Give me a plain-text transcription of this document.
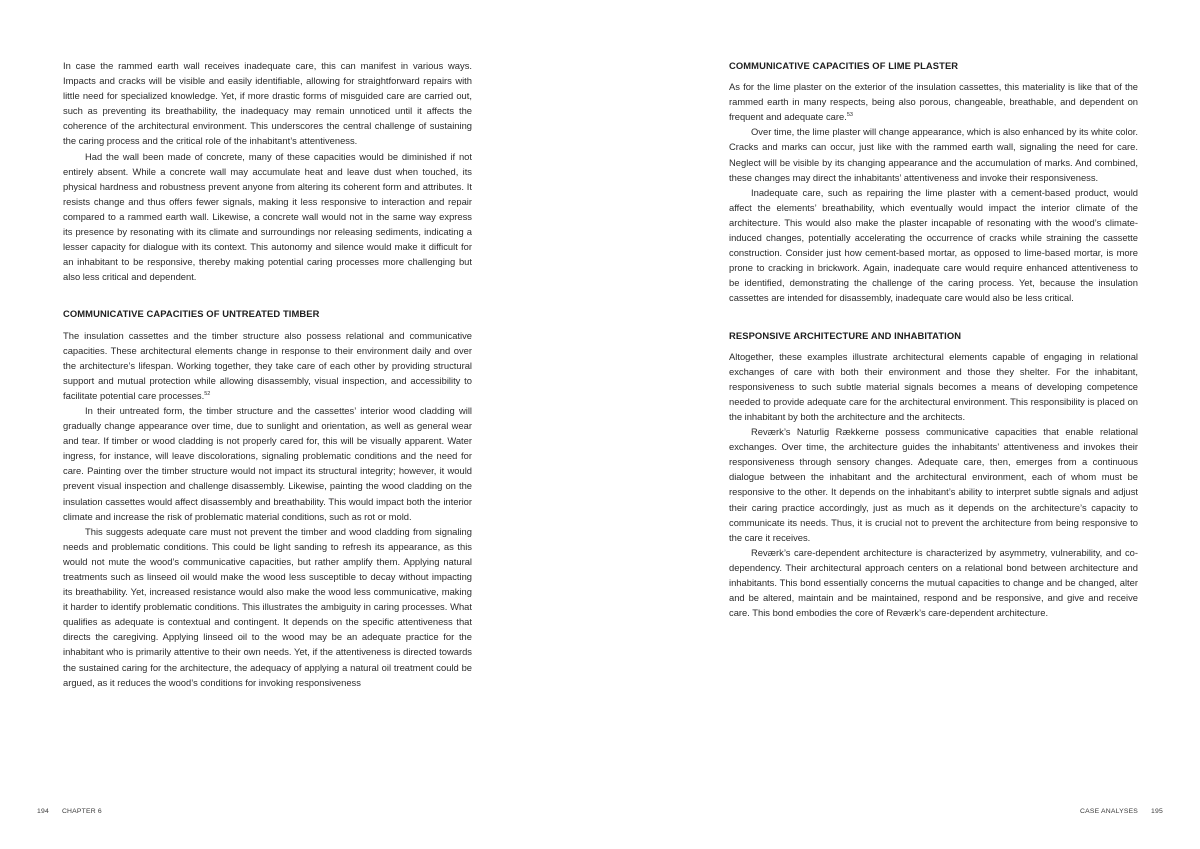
In case the rammed earth wall receives inadequate care, this can manifest in various ways. Impacts and cracks will be visible and easily identifiable, allowing for straightforward repairs with little need for specialized knowledge. Yet, if more drastic forms of misguided care are carried out, such as preventing its breathability, the inadequacy may remain unnoticed until it affects the coherence of the architectural environment. This underscores the central challenge of sustaining the caring process and the critical role of the inhabitant’s attentiveness.

Had the wall been made of concrete, many of these capacities would be diminished if not entirely absent. While a concrete wall may accumulate heat and leave dust when touched, its physical hardness and robustness prevent anyone from altering its coherent form and attributes. It resists change and thus offers fewer signals, making it less responsive to interaction and repair compared to a rammed earth wall. Likewise, a concrete wall would not in the same way express its presence by resonating with its climate and surroundings nor releasing sediments, indicating a lesser capacity for dialogue with its context. This autonomy and silence would make it difficult for an inhabitant to be responsive, thereby making potential caring processes more challenging but also less critical and dependent.

COMMUNICATIVE CAPACITIES OF UNTREATED TIMBER

The insulation cassettes and the timber structure also possess relational and communicative capacities. These architectural elements change in response to their environment daily and over the architecture’s lifespan. Working together, they take care of each other by providing structural support and mutual protection while allowing disassembly, visual inspection, and accessibility to facilitate potential care processes.$^{52}$

In their untreated form, the timber structure and the cassettes’ interior wood cladding will gradually change appearance over time, due to sunlight and orientation, as well as general wear and tear. If timber or wood cladding is not properly cared for, this will be visually apparent. Water ingress, for instance, will leave discolorations, signaling problematic conditions and the need for care. Painting over the timber structure would not impact its structural integrity; however, it would prevent visual inspection and challenge disassembly. Likewise, painting the wood cladding on the insulation cassettes would affect disassembly and breathability. This would impact both the interior climate and increase the risk of problematic material conditions, such as rot or mold.

This suggests adequate care must not prevent the timber and wood cladding from signaling needs and problematic conditions. This could be light sanding to refresh its appearance, as this would not mute the wood’s communicative capacities, but rather amplify them. Applying natural treatments such as linseed oil would make the wood less susceptible to decay without impacting its breathability. Yet, increased resistance would also make the wood less communicative, making it harder to identify problematic conditions. This illustrates the ambiguity in caring processes. What qualifies as adequate is contextual and contingent. It depends on the specific attentiveness that directs the caregiving. Applying linseed oil to the wood may be an adequate practice for the inhabitant who is primarily attentive to their own needs. Yet, if the attentiveness is directed towards the sustained caring for the architecture, the adequacy of applying a natural oil treatment could be argued, as it reduces the wood’s conditions for invoking responsiveness

COMMUNICATIVE CAPACITIES OF LIME PLASTER

As for the lime plaster on the exterior of the insulation cassettes, this materiality is like that of the rammed earth in many respects, being also porous, changeable, breathable, and dependent on frequent and adequate care.$^{53}$

Over time, the lime plaster will change appearance, which is also enhanced by its white color. Cracks and marks can occur, just like with the rammed earth wall, signaling the need for care. Neglect will be visible by its changing appearance and the accumulation of marks. And combined, these changes may direct the inhabitants’ attentiveness and invoke their responsiveness.

Inadequate care, such as repairing the lime plaster with a cement-based product, would affect the elements’ breathability, which eventually would impact the interior climate of the architecture. This would also make the plaster incapable of resonating with the wood’s climate-induced changes, potentially accelerating the occurrence of cracks while straining the cassette construction. Consider just how cement-based mortar, as opposed to lime-based mortar, is more prone to cracking in brickwork. Again, inadequate care would require enhanced attentiveness to be identified, demonstrating the challenge of the caring process. Yet, because the insulation cassettes are intended for disassembly, inadequate care would also be less critical.

RESPONSIVE ARCHITECTURE AND INHABITATION

Altogether, these examples illustrate architectural elements capable of engaging in relational exchanges of care with both their environment and those they shelter. For the inhabitant, responsiveness to such subtle material signals becomes a means of developing competence needed to provide adequate care for the architectural environment. This responsibility is placed on the inhabitant by both the architecture and the architects.

Reværk’s Naturlig Rækkerne possess communicative capacities that enable relational exchanges. Over time, the architecture guides the inhabitants’ attentiveness and invokes their responsiveness through sensory changes. Adequate care, then, emerges from a continuous dialogue between the inhabitant and the architectural environment, each of whom must be responsive to the other. It depends on the inhabitant’s ability to interpret subtle signals and adjust their caring practice accordingly, just as much as it depends on the architecture’s capacity to communicate its needs. Thus, it is crucial not to prevent the architecture from being responsive to the care it receives.

Reværk’s care-dependent architecture is characterized by asymmetry, vulnerability, and co-dependency. Their architectural approach centers on a relational bond between architecture and inhabitants. This bond essentially concerns the mutual capacities to change and be changed, alter and be altered, maintain and be maintained, respond and be responsive, and give and receive care. This bond embodies the core of Reværk’s care-dependent architecture.

194 CHAPTER 6	CASE ANALYSES 195
